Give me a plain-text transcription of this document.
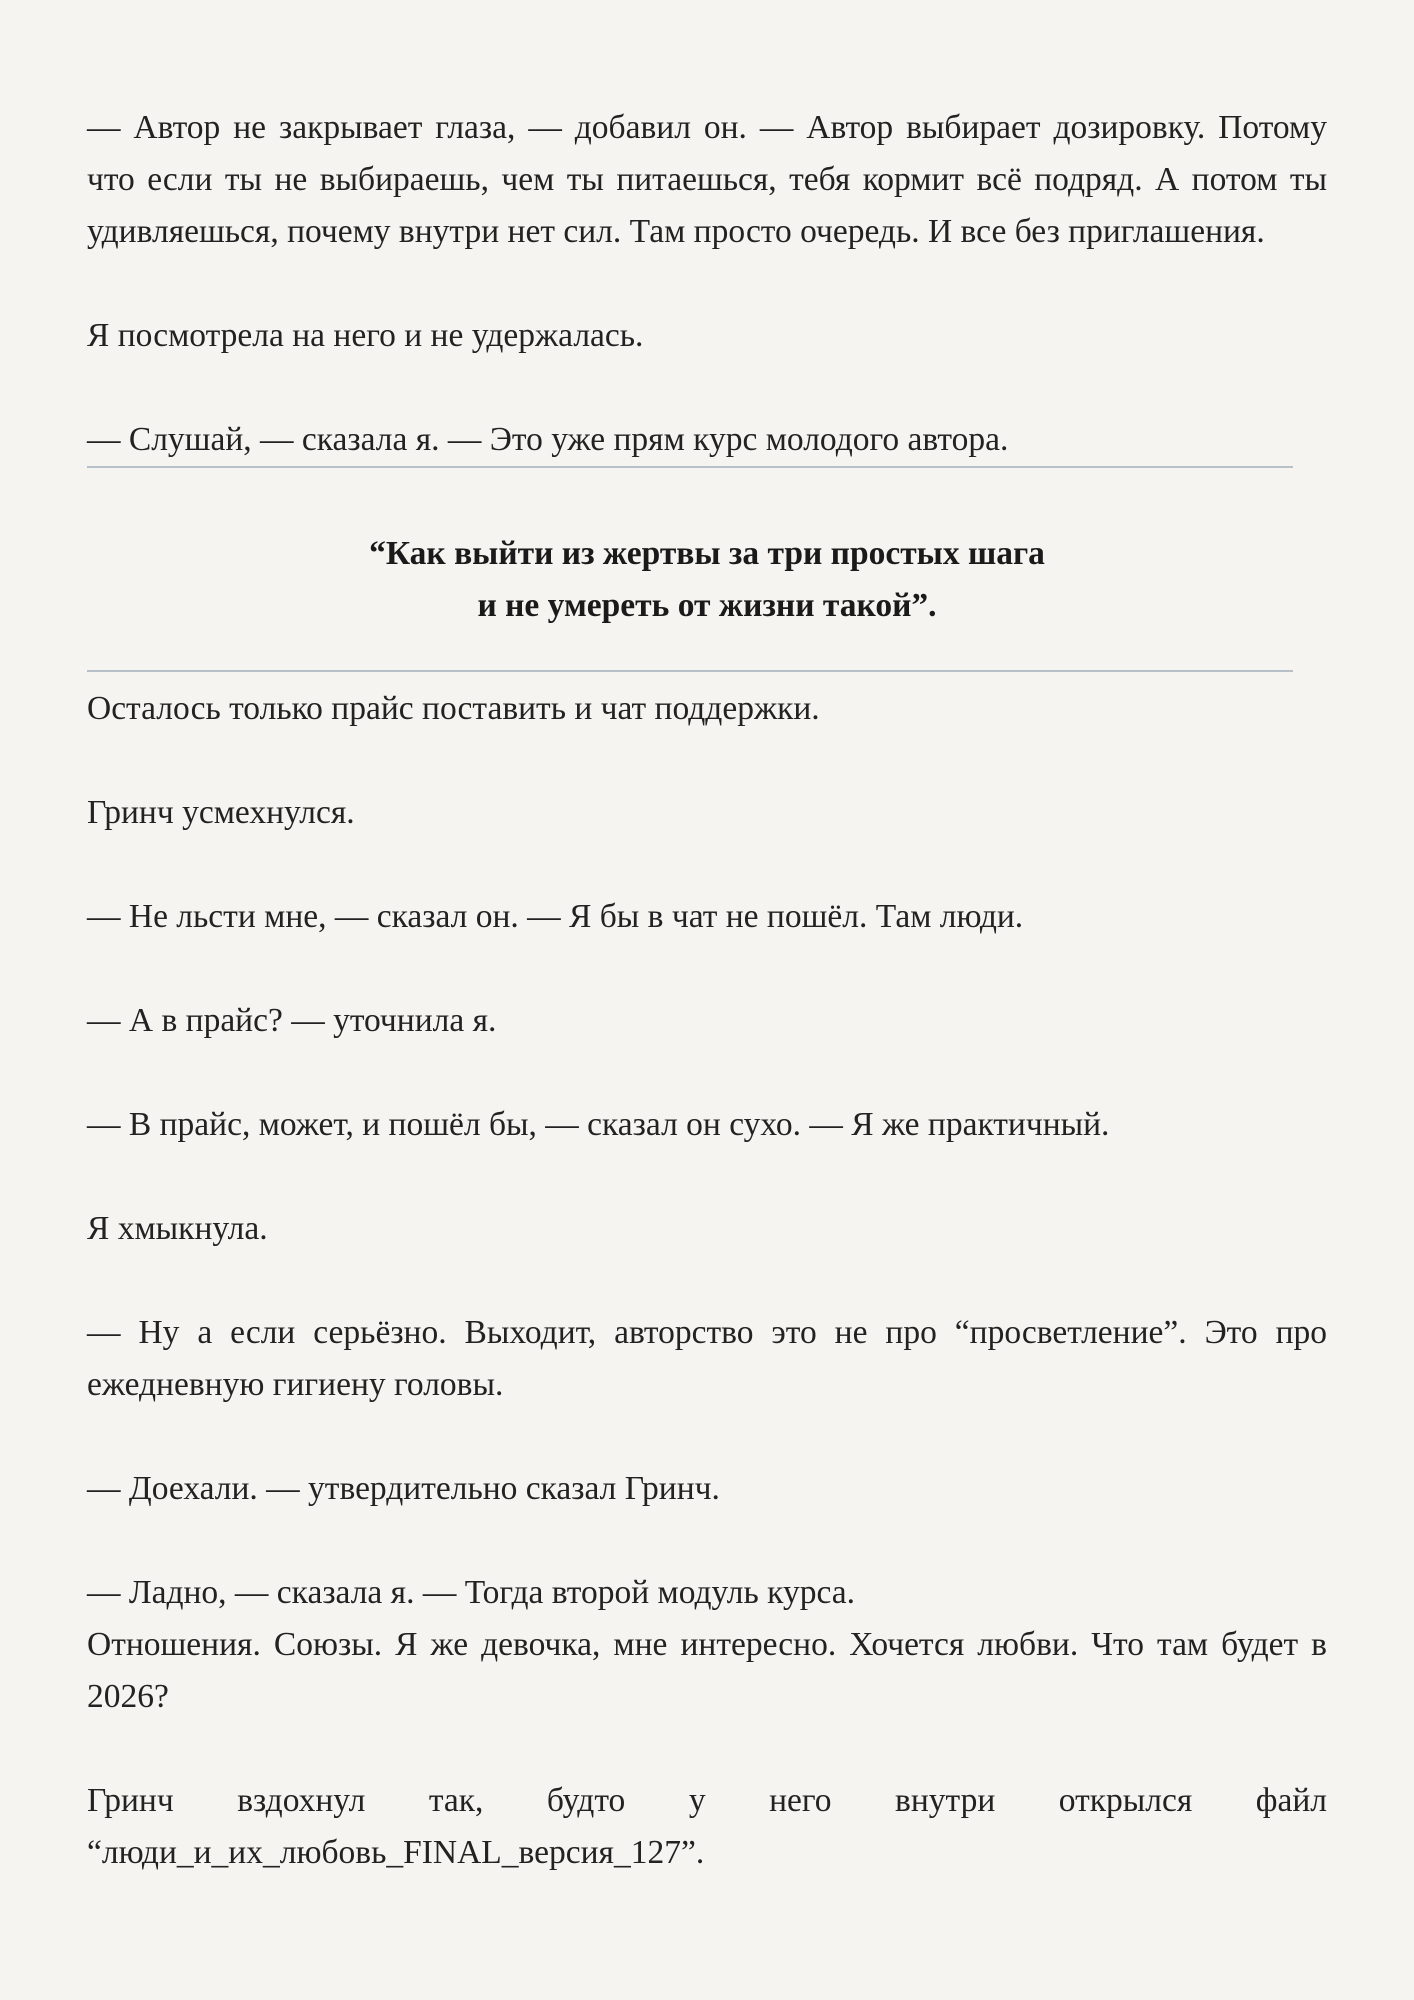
— Автор не закрывает глаза, — добавил он. — Автор выбирает дозировку. Потому что если ты не выбираешь, чем ты питаешься, тебя кормит всё подряд. А потом ты удивляешься, почему внутри нет сил. Там просто очередь. И все без приглашения.

Я посмотрела на него и не удержалась.

— Слушай, — сказала я. — Это уже прям курс молодого автора.

“Как выйти из жертвы за три простых шага

и не умереть от жизни такой”.

Осталось только прайс поставить и чат поддержки.

Гринч усмехнулся.

— Не льсти мне, — сказал он. — Я бы в чат не пошёл. Там люди.

— А в прайс? — уточнила я.

— В прайс, может, и пошёл бы, — сказал он сухо. — Я же практичный.

Я хмыкнула.

— Ну а если серьёзно. Выходит, авторство это не про “просветление”. Это про ежедневную гигиену головы.

— Доехали. — утвердительно сказал Гринч.

— Ладно, — сказала я. — Тогда второй модуль курса.

Отношения. Союзы. Я же девочка, мне интересно. Хочется любви. Что там будет в 2026?

Гринч вздохнул так, будто у него внутри открылся файл

“люди_и_их_любовь_FINAL_версия_127”.
